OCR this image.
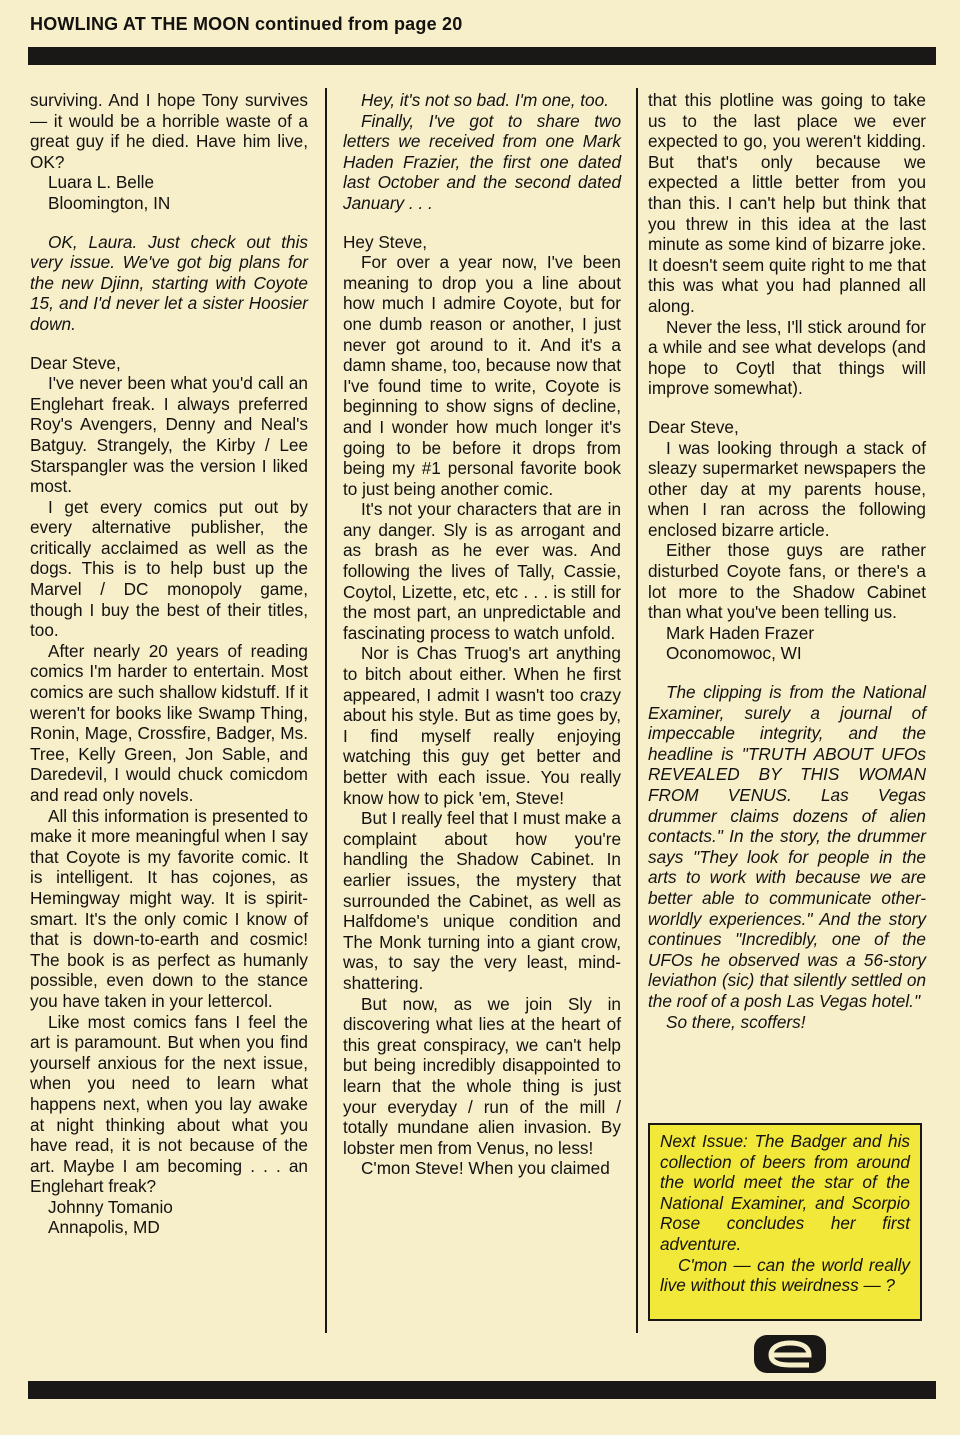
HOWLING AT THE MOON continued from page 20

surviving. And I hope Tony survives — it would be a horrible waste of a great guy if he died. Have him live, OK?

Luara L. Belle

Bloomington, IN

OK, Laura. Just check out this very issue. We've got big plans for the new Djinn, starting with Coyote 15, and I'd never let a sister Hoosier down.

Dear Steve,

I've never been what you'd call an Englehart freak. I always preferred Roy's Avengers, Denny and Neal's Batguy. Strangely, the Kirby / Lee Starspangler was the version I liked most.

I get every comics put out by every alternative publisher, the critically acclaimed as well as the dogs. This is to help bust up the Marvel / DC monopoly game, though I buy the best of their titles, too.

After nearly 20 years of reading comics I'm harder to entertain. Most comics are such shallow kidstuff. If it weren't for books like Swamp Thing, Ronin, Mage, Crossfire, Badger, Ms. Tree, Kelly Green, Jon Sable, and Daredevil, I would chuck comicdom and read only novels.

All this information is presented to make it more meaningful when I say that Coyote is my favorite comic. It is intelligent. It has cojones, as Hemingway might way. It is spirit-smart. It's the only comic I know of that is down-to-earth and cosmic! The book is as perfect as humanly possible, even down to the stance you have taken in your lettercol.

Like most comics fans I feel the art is paramount. But when you find yourself anxious for the next issue, when you need to learn what happens next, when you lay awake at night thinking about what you have read, it is not because of the art. Maybe I am becoming . . . an Englehart freak?

Johnny Tomanio

Annapolis, MD

Hey, it's not so bad. I'm one, too.

Finally, I've got to share two letters we received from one Mark Haden Frazier, the first one dated last October and the second dated January . . .

Hey Steve,

For over a year now, I've been meaning to drop you a line about how much I admire Coyote, but for one dumb reason or another, I just never got around to it. And it's a damn shame, too, because now that I've found time to write, Coyote is beginning to show signs of decline, and I wonder how much longer it's going to be before it drops from being my #1 personal favorite book to just being another comic.

It's not your characters that are in any danger. Sly is as arrogant and as brash as he ever was. And following the lives of Tally, Cassie, Coytol, Lizette, etc, etc . . . is still for the most part, an unpredictable and fascinating process to watch unfold.

Nor is Chas Truog's art anything to bitch about either. When he first appeared, I admit I wasn't too crazy about his style. But as time goes by, I find myself really enjoying watching this guy get better and better with each issue. You really know how to pick 'em, Steve!

But I really feel that I must make a complaint about how you're handling the Shadow Cabinet. In earlier issues, the mystery that surrounded the Cabinet, as well as Halfdome's unique condition and The Monk turning into a giant crow, was, to say the very least, mind-shattering.

But now, as we join Sly in discovering what lies at the heart of this great conspiracy, we can't help but being incredibly disappointed to learn that the whole thing is just your everyday / run of the mill / totally mundane alien invasion. By lobster men from Venus, no less!

C'mon Steve! When you claimed

that this plotline was going to take us to the last place we ever expected to go, you weren't kidding. But that's only because we expected a little better from you than this. I can't help but think that you threw in this idea at the last minute as some kind of bizarre joke. It doesn't seem quite right to me that this was what you had planned all along.

Never the less, I'll stick around for a while and see what develops (and hope to Coytl that things will improve somewhat).

Dear Steve,

I was looking through a stack of sleazy supermarket newspapers the other day at my parents house, when I ran across the following enclosed bizarre article.

Either those guys are rather disturbed Coyote fans, or there's a lot more to the Shadow Cabinet than what you've been telling us.

Mark Haden Frazer

Oconomowoc, WI

The clipping is from the National Examiner, surely a journal of impeccable integrity, and the headline is "TRUTH ABOUT UFOs REVEALED BY THIS WOMAN FROM VENUS. Las Vegas drummer claims dozens of alien contacts." In the story, the drummer says "They look for people in the arts to work with because we are better able to communicate other-worldly experiences." And the story continues "Incredibly, one of the UFOs he observed was a 56-story leviathon (sic) that silently settled on the roof of a posh Las Vegas hotel."

So there, scoffers!

Next Issue: The Badger and his collection of beers from around the world meet the star of the National Examiner, and Scorpio Rose concludes her first adventure.

C'mon — can the world really live without this weirdness — ?
